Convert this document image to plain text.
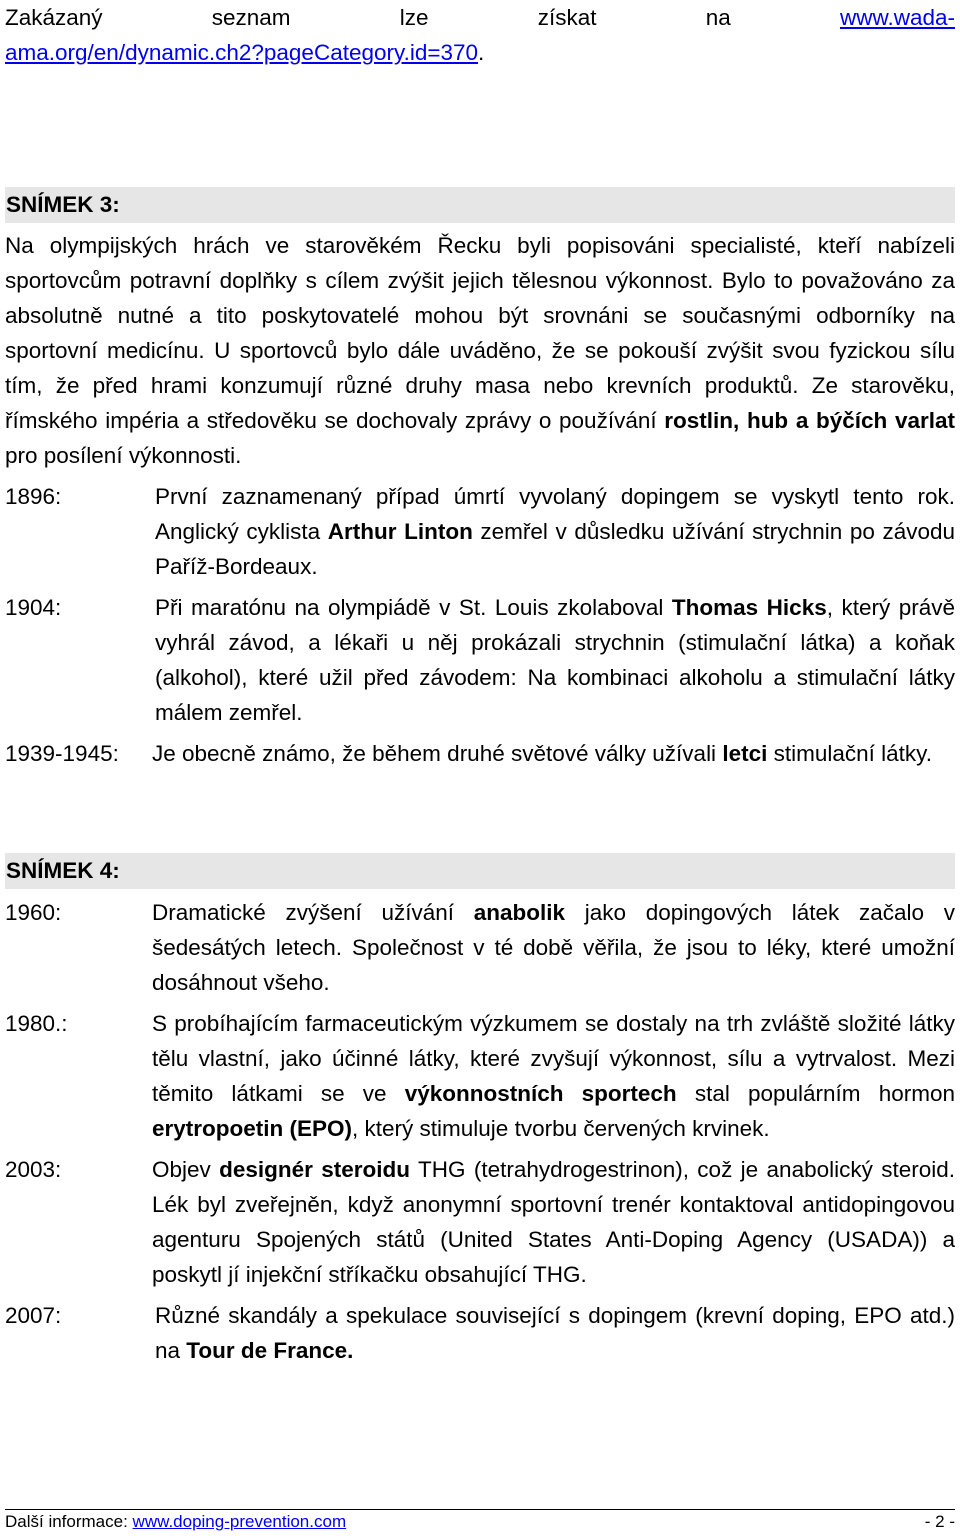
Zakázaný	seznam	lze	získat	na	www.wada-

ama.org/en/dynamic.ch2?pageCategory.id=370.

SNÍMEK 3:

Na olympijských hrách ve starověkém Řecku byli popisováni specialisté, kteří nabízeli sportovcům potravní doplňky s cílem zvýšit jejich tělesnou výkonnost. Bylo to považováno za absolutně nutné a tito poskytovatelé mohou být srovnáni se současnými odborníky na sportovní medicínu. U sportovců bylo dále uváděno, že se pokouší zvýšit svou fyzickou sílu tím, že před hrami konzumují různé druhy masa nebo krevních produktů. Ze starověku, římského impéria a středověku se dochovaly zprávy o používání rostlin, hub a býčích varlat pro posílení výkonnosti.

1896:	První zaznamenaný případ úmrtí vyvolaný dopingem se vyskytl tento rok. Anglický cyklista Arthur Linton zemřel v důsledku užívání strychnin po závodu Paříž-Bordeaux.

1904:	Při maratónu na olympiádě v St. Louis zkolaboval Thomas Hicks, který právě vyhrál závod, a lékaři u něj prokázali strychnin (stimulační látka) a koňak (alkohol), které užil před závodem: Na kombinaci alkoholu a stimulační látky málem zemřel.

1939-1945:	Je obecně známo, že během druhé světové války užívali letci stimulační látky.

SNÍMEK 4:
1960:	Dramatické zvýšení užívání anabolik jako dopingových látek začalo v šedesátých letech. Společnost v té době věřila, že jsou to léky, které umožní dosáhnout všeho.

1980.:	S probíhajícím farmaceutickým výzkumem se dostaly na trh zvláště složité látky tělu vlastní, jako účinné látky, které zvyšují výkonnost, sílu a vytrvalost. Mezi těmito látkami se ve výkonnostních sportech stal populárním hormon erytropoetin (EPO), který stimuluje tvorbu červených krvinek.

2003:	Objev designér steroidu THG (tetrahydrogestrinon), což je anabolický steroid. Lék byl zveřejněn, když anonymní sportovní trenér kontaktoval antidopingovou agenturu Spojených států (United States Anti-Doping Agency (USADA)) a poskytl jí injekční stříkačku obsahující THG.

2007:	Různé skandály a spekulace související s dopingem (krevní doping, EPO atd.) na Tour de France.

Další informace: www.doping-prevention.com	- 2 -
